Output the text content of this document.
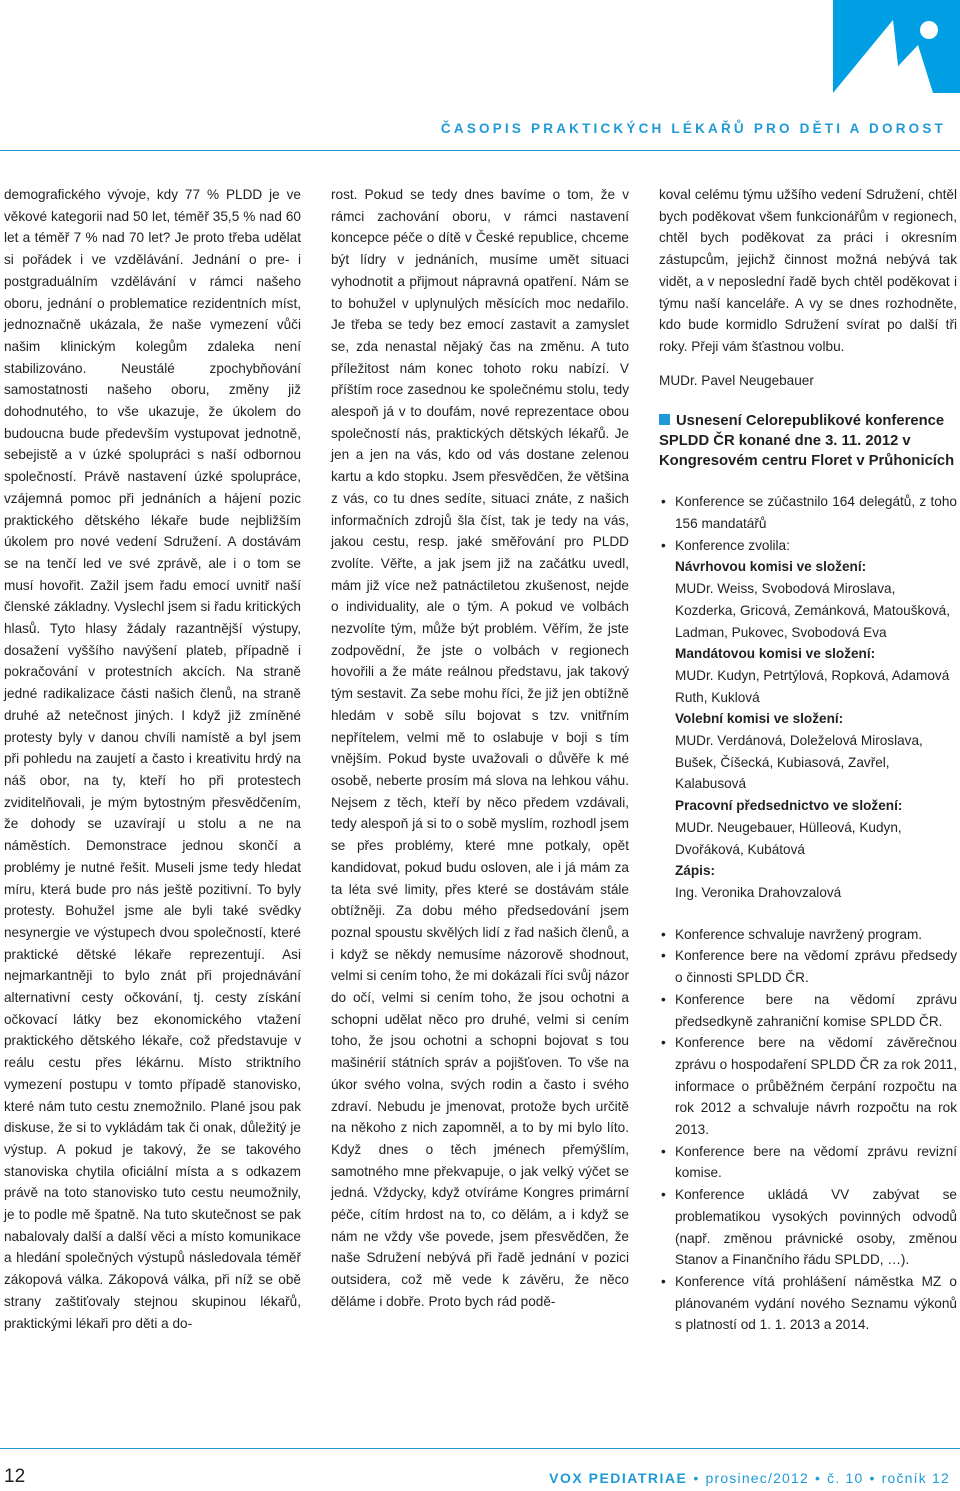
ČASOPIS PRAKTICKÝCH LÉKAŘŮ PRO DĚTI A DOROST

demografického vývoje, kdy 77 % PLDD je ve věkové kategorii nad 50 let, téměř 35,5 % nad 60 let a téměř 7 % nad 70 let? Je proto třeba udělat si pořádek i ve vzdělávání. Jednání o pre- i postgraduálním vzdělávání v rámci našeho oboru, jednání o problematice rezidentních míst, jednoznačně ukázala, že naše vymezení vůči našim klinickým kolegům zdaleka není stabilizováno. Neustálé zpochybňování samostatnosti našeho oboru, změny již dohodnutého, to vše ukazuje, že úkolem do budoucna bude především vystupovat jednotně, sebejistě a v úzké spolupráci s naší odbornou společností. Právě nastavení úzké spolupráce, vzájemná pomoc při jednáních a hájení pozic praktického dětského lékaře bude nejbližším úkolem pro nové vedení Sdružení. A dostávám se na tenčí led ve své zprávě, ale i o tom se musí hovořit. Zažil jsem řadu emocí uvnitř naší členské základny. Vyslechl jsem si řadu kritických hlasů. Tyto hlasy žádaly razantnější výstupy, dosažení vyššího navýšení plateb, případně i pokračování v protestních akcích. Na straně jedné radikalizace části našich členů, na straně druhé až netečnost jiných. I když již zmíněné protesty byly v danou chvíli namístě a byl jsem při pohledu na zaujetí a často i kreativitu hrdý na náš obor, na ty, kteří ho při protestech zviditelňovali, je mým bytostným přesvědčením, že dohody se uzavírají u stolu a ne na náměstích. Demonstrace jednou skončí a problémy je nutné řešit. Museli jsme tedy hledat míru, která bude pro nás ještě pozitivní. To byly protesty. Bohužel jsme ale byli také svědky nesynergie ve výstupech dvou společností, které praktické dětské lékaře reprezentují. Asi nejmarkantněji to bylo znát při projednávání alternativní cesty očkování, tj. cesty získání očkovací látky bez ekonomického vtažení praktického dětského lékaře, což představuje v reálu cestu přes lékárnu. Místo striktního vymezení postupu v tomto případě stanovisko, které nám tuto cestu znemožnilo. Plané jsou pak diskuse, že si to vykládám tak či onak, důležitý je výstup. A pokud je takový, že se takového stanoviska chytila oficiální místa a s odkazem právě na toto stanovisko tuto cestu neumožnily, je to podle mě špatně. Na tuto skutečnost se pak nabalovaly další a další věci a místo komunikace a hledání společných výstupů následovala téměř zákopová válka. Zákopová válka, při níž se obě strany zaštiťovaly stejnou skupinou lékařů, praktickými lékaři pro děti a do-

rost. Pokud se tedy dnes bavíme o tom, že v rámci zachování oboru, v rámci nastavení koncepce péče o dítě v České republice, chceme být lídry v jednáních, musíme umět situaci vyhodnotit a přijmout nápravná opatření. Nám se to bohužel v uplynulých měsících moc nedařilo. Je třeba se tedy bez emocí zastavit a zamyslet se, zda nenastal nějaký čas na změnu. A tuto příležitost nám konec tohoto roku nabízí. V příštím roce zasednou ke společnému stolu, tedy alespoň já v to doufám, nové reprezentace obou společností nás, praktických dětských lékařů. Je jen a jen na vás, kdo od vás dostane zelenou kartu a kdo stopku. Jsem přesvědčen, že většina z vás, co tu dnes sedíte, situaci znáte, z našich informačních zdrojů šla číst, tak je tedy na vás, jakou cestu, resp. jaké směřování pro PLDD zvolíte. Věřte, a jak jsem již na začátku uvedl, mám již více než patnáctiletou zkušenost, nejde o individuality, ale o tým. A pokud ve volbách nezvolíte tým, může být problém. Věřím, že jste zodpovědní, že jste o volbách v regionech hovořili a že máte reálnou představu, jak takový tým sestavit. Za sebe mohu říci, že již jen obtížně hledám v sobě sílu bojovat s tzv. vnitřním nepřítelem, velmi mě to oslabuje v boji s tím vnějším. Pokud byste uvažovali o důvěře k mé osobě, neberte prosím má slova na lehkou váhu. Nejsem z těch, kteří by něco předem vzdávali, tedy alespoň já si to o sobě myslím, rozhodl jsem se přes problémy, které mne potkaly, opět kandidovat, pokud budu osloven, ale i já mám za ta léta své limity, přes které se dostávám stále obtížněji. Za dobu mého předsedování jsem poznal spoustu skvělých lidí z řad našich členů, a i když se někdy nemusíme názorově shodnout, velmi si cením toho, že mi dokázali říci svůj názor do očí, velmi si cením toho, že jsou ochotni a schopni udělat něco pro druhé, velmi si cením toho, že jsou ochotni a schopni bojovat s tou mašinérií státních správ a pojišťoven. To vše na úkor svého volna, svých rodin a často i svého zdraví. Nebudu je jmenovat, protože bych určitě na někoho z nich zapomněl, a to by mi bylo líto. Když dnes o těch jménech přemýšlím, samotného mne překvapuje, o jak velký výčet se jedná. Vždycky, když otvíráme Kongres primární péče, cítím hrdost na to, co dělám, a i když se nám ne vždy vše povede, jsem přesvědčen, že naše Sdružení nebývá při řadě jednání v pozici outsidera, což mě vede k závěru, že něco děláme i dobře. Proto bych rád podě-

koval celému týmu užšího vedení Sdružení, chtěl bych poděkovat všem funkcionářům v regionech, chtěl bych poděkovat za práci i okresním zástupcům, jejichž činnost možná nebývá tak vidět, a v neposlední řadě bych chtěl poděkovat i týmu naší kanceláře. A vy se dnes rozhodněte, kdo bude kormidlo Sdružení svírat po další tři roky. Přeji vám šťastnou volbu.

MUDr. Pavel Neugebauer

Usnesení Celorepublikové konference SPLDD ČR konané dne 3. 11. 2012 v Kongresovém centru Floret v Průhonicích
• Konference se zúčastnilo 164 delegátů, z toho 156 mandatářů
• Konference zvolila:
Návrhovou komisi ve složení:
MUDr. Weiss, Svobodová Miroslava, Kozderka, Gricová, Zemánková, Matoušková, Ladman, Pukovec, Svobodová Eva
Mandátovou komisi ve složení:
MUDr. Kudyn, Petrtýlová, Ropková, Adamová Ruth, Kuklová
Volební komisi ve složení:
MUDr. Verdánová, Doleželová Miroslava, Bušek, Číšecká, Kubiasová, Zavřel, Kalabusová
Pracovní předsednictvo ve složení:
MUDr. Neugebauer, Hülleová, Kudyn, Dvořáková, Kubátová
Zápis:
Ing. Veronika Drahovzalová
• Konference schvaluje navržený program.
• Konference bere na vědomí zprávu předsedy o činnosti SPLDD ČR.
• Konference bere na vědomí zprávu předsedkyně zahraniční komise SPLDD ČR.
• Konference bere na vědomí závěrečnou zprávu o hospodaření SPLDD ČR za rok 2011, informace o průběžném čerpání rozpočtu na rok 2012 a schvaluje návrh rozpočtu na rok 2013.
• Konference bere na vědomí zprávu revizní komise.
• Konference ukládá VV zabývat se problematikou vysokých povinných odvodů (např. změnou právnické osoby, změnou Stanov a Finančního řádu SPLDD, …).
• Konference vítá prohlášení náměstka MZ o plánovaném vydání nového Seznamu výkonů s platností od 1. 1. 2013 a 2014.
12	VOX PEDIATRIAE • prosinec/2012 • č. 10 • ročník 12
